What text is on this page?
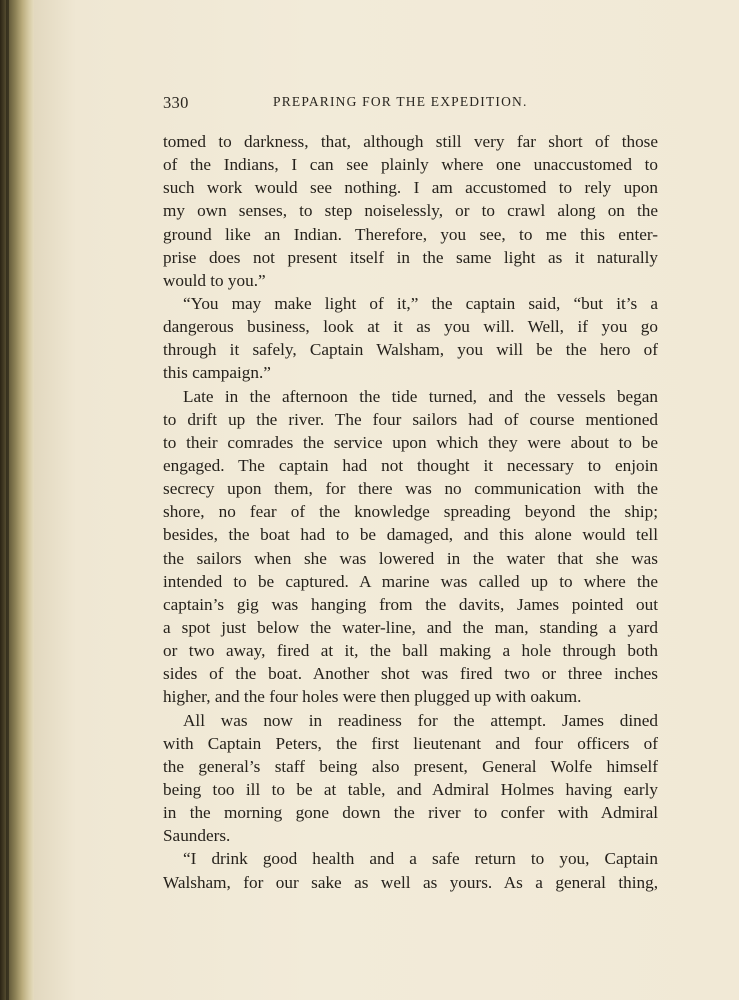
330	PREPARING FOR THE EXPEDITION.
tomed to darkness, that, although still very far short of those
of the Indians, I can see plainly where one unaccustomed to
such work would see nothing. I am accustomed to rely upon
my own senses, to step noiselessly, or to crawl along on the
ground like an Indian. Therefore, you see, to me this enter-
prise does not present itself in the same light as it naturally
would to you.”
“You may make light of it,” the captain said, “but it’s a
dangerous business, look at it as you will. Well, if you go
through it safely, Captain Walsham, you will be the hero of
this campaign.”
Late in the afternoon the tide turned, and the vessels began
to drift up the river. The four sailors had of course mentioned
to their comrades the service upon which they were about to be
engaged. The captain had not thought it necessary to enjoin
secrecy upon them, for there was no communication with the
shore, no fear of the knowledge spreading beyond the ship;
besides, the boat had to be damaged, and this alone would tell
the sailors when she was lowered in the water that she was
intended to be captured. A marine was called up to where the
captain’s gig was hanging from the davits, James pointed out
a spot just below the water-line, and the man, standing a yard
or two away, fired at it, the ball making a hole through both
sides of the boat. Another shot was fired two or three inches
higher, and the four holes were then plugged up with oakum.
All was now in readiness for the attempt. James dined
with Captain Peters, the first lieutenant and four officers of
the general’s staff being also present, General Wolfe himself
being too ill to be at table, and Admiral Holmes having early
in the morning gone down the river to confer with Admiral
Saunders.
“I drink good health and a safe return to you, Captain
Walsham, for our sake as well as yours. As a general thing,
